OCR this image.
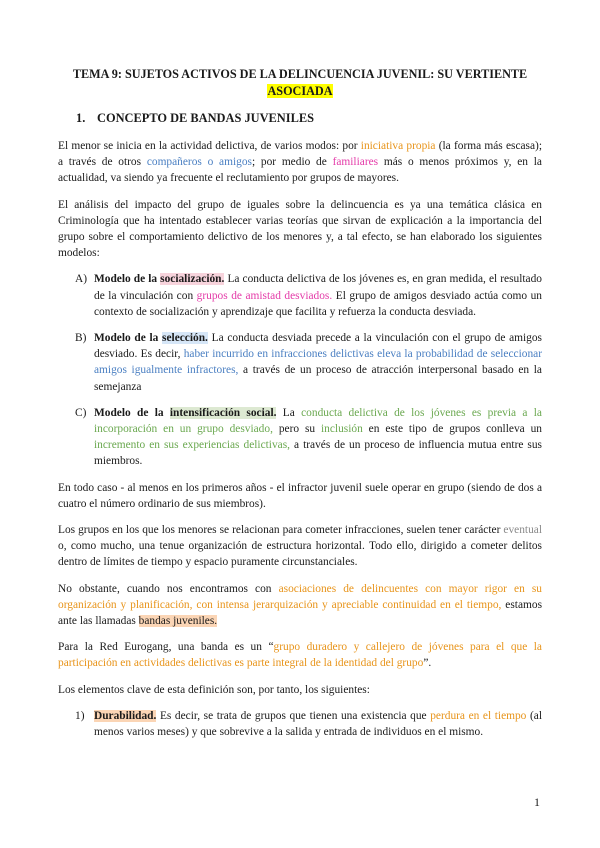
TEMA 9: SUJETOS ACTIVOS DE LA DELINCUENCIA JUVENIL: SU VERTIENTE
ASOCIADA
1. CONCEPTO DE BANDAS JUVENILES

El menor se inicia en la actividad delictiva, de varios modos: por iniciativa propia (la forma más escasa); a través de otros compañeros o amigos; por medio de familiares más o menos próximos y, en la actualidad, va siendo ya frecuente el reclutamiento por grupos de mayores.

El análisis del impacto del grupo de iguales sobre la delincuencia es ya una temática clásica en Criminología que ha intentado establecer varias teorías que sirvan de explicación a la importancia del grupo sobre el comportamiento delictivo de los menores y, a tal efecto, se han elaborado los siguientes modelos:

A) Modelo de la socialización. La conducta delictiva de los jóvenes es, en gran medida, el resultado de la vinculación con grupos de amistad desviados. El grupo de amigos desviado actúa como un contexto de socialización y aprendizaje que facilita y refuerza la conducta desviada.
B) Modelo de la selección. La conducta desviada precede a la vinculación con el grupo de amigos desviado. Es decir, haber incurrido en infracciones delictivas eleva la probabilidad de seleccionar amigos igualmente infractores, a través de un proceso de atracción interpersonal basado en la semejanza
C) Modelo de la intensificación social. La conducta delictiva de los jóvenes es previa a la incorporación en un grupo desviado, pero su inclusión en este tipo de grupos conlleva un incremento en sus experiencias delictivas, a través de un proceso de influencia mutua entre sus miembros.

En todo caso - al menos en los primeros años - el infractor juvenil suele operar en grupo (siendo de dos a cuatro el número ordinario de sus miembros).

Los grupos en los que los menores se relacionan para cometer infracciones, suelen tener carácter eventual o, como mucho, una tenue organización de estructura horizontal. Todo ello, dirigido a cometer delitos dentro de límites de tiempo y espacio puramente circunstanciales.

No obstante, cuando nos encontramos con asociaciones de delincuentes con mayor rigor en su organización y planificación, con intensa jerarquización y apreciable continuidad en el tiempo, estamos ante las llamadas bandas juveniles.

Para la Red Eurogang, una banda es un “grupo duradero y callejero de jóvenes para el que la participación en actividades delictivas es parte integral de la identidad del grupo”.

Los elementos clave de esta definición son, por tanto, los siguientes:

1) Durabilidad. Es decir, se trata de grupos que tienen una existencia que perdura en el tiempo (al menos varios meses) y que sobrevive a la salida y entrada de individuos en el mismo.
1
